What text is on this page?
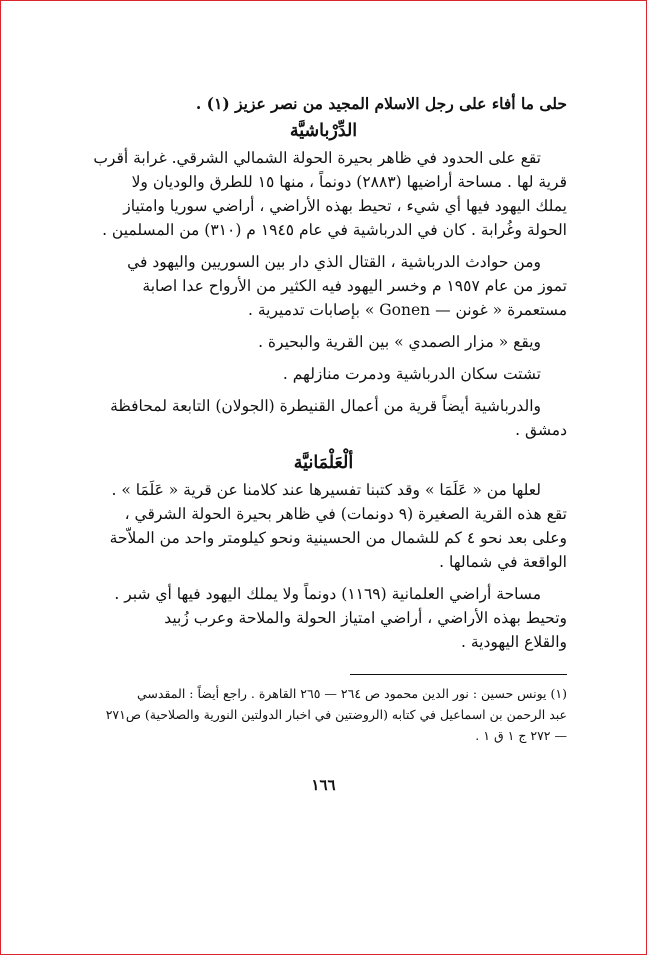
حلى ما أفاء على رجل الاسلام المجيد من نصر عزيز (١) .
الدِّرْباشيَّة
تقع على الحدود في ظاهر بحيرة الحولة الشمالي الشرقي. غرابة أقرب
قرية لها . مساحة أراضيها (٢٨٨٣) دونماً ، منها ١٥ للطرق والوديان ولا
يملك اليهود فيها أي شيء ، تحيط بهذه الأراضي ، أراضي سوريا وامتياز
الحولة وغُرابة . كان في الدرباشية في عام ١٩٤٥ م (٣١٠) من المسلمين .
ومن حوادث الدرباشية ، القتال الذي دار بين السوريين واليهود في
تموز من عام ١٩٥٧ م وخسر اليهود فيه الكثير من الأرواح عدا اصابة
مستعمرة « غونن — Gonen » بإصابات تدميرية .
ويقع « مزار الصمدي » بين القرية والبحيرة .
تشتت سكان الدرباشية ودمرت منازلهم .
والدرباشية أيضاً قرية من أعمال القنيطرة (الجولان) التابعة لمحافظة
دمشق .
ألْعَلْمَانيَّة
لعلها من « عَلَمَا » وقد كتبنا تفسيرها عند كلامنا عن قرية « عَلَمَا » .
تقع هذه القرية الصغيرة (٩ دونمات) في ظاهر بحيرة الحولة الشرقي ،
وعلى بعد نحو ٤ كم للشمال من الحسينية ونحو كيلومتر واحد من الملاّحة
الواقعة في شمالها .
مساحة أراضي العلمانية (١١٦٩) دونماً ولا يملك اليهود فيها أي شبر .
وتحيط بهذه الأراضي ، أراضي امتياز الحولة والملاحة وعرب زُبيد
والقلاع اليهودية .
(١) يونس حسين : نور الدين محمود ص ٢٦٤ — ٢٦٥ القاهرة . راجع أيضاً : المقدسي
عبد الرحمن بن اسماعيل في كتابه (الروضتين في اخبار الدولتين النورية والصلاحية) ص٢٧١
— ٢٧٢ ج ١ ق ١ .
١٦٦
